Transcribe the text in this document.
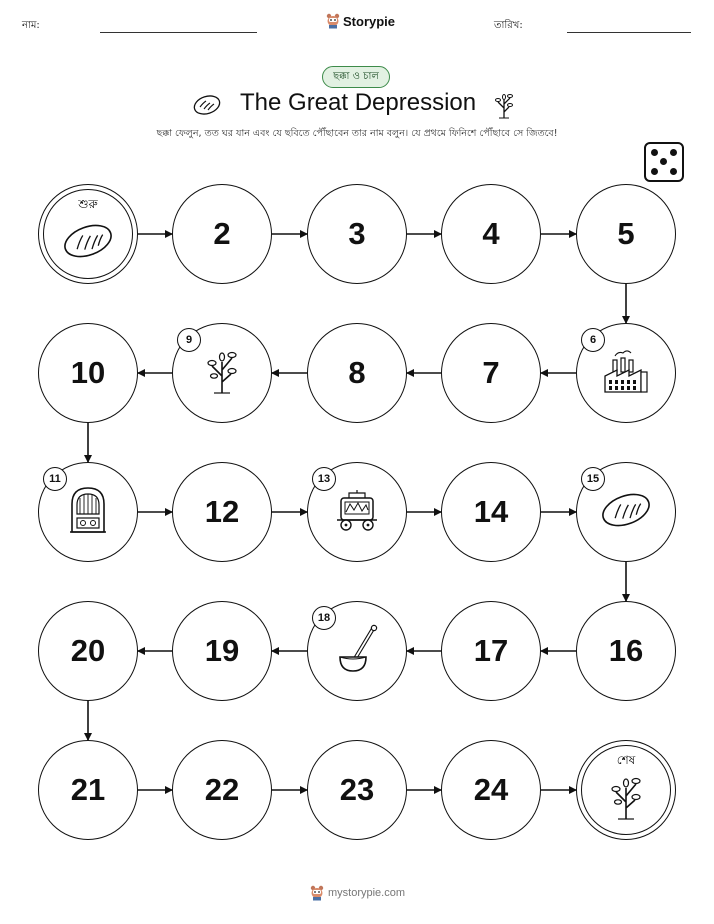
নাম:	Storypie	তারিখ:
ছক্কা ও চাল
The Great Depression
ছক্কা ফেলুন, তত ঘর যান এবং যে ছবিতে পৌঁছাবেন তার নাম বলুন। যে প্রথমে ফিনিশে পৌঁছাবে সে জিতবে!
শুরু
2	3	4	5
6
7
8
9
10
11
12
13
14
15
16
17
18
19
20
21	22	23	24
শেষ
mystorypie.com
